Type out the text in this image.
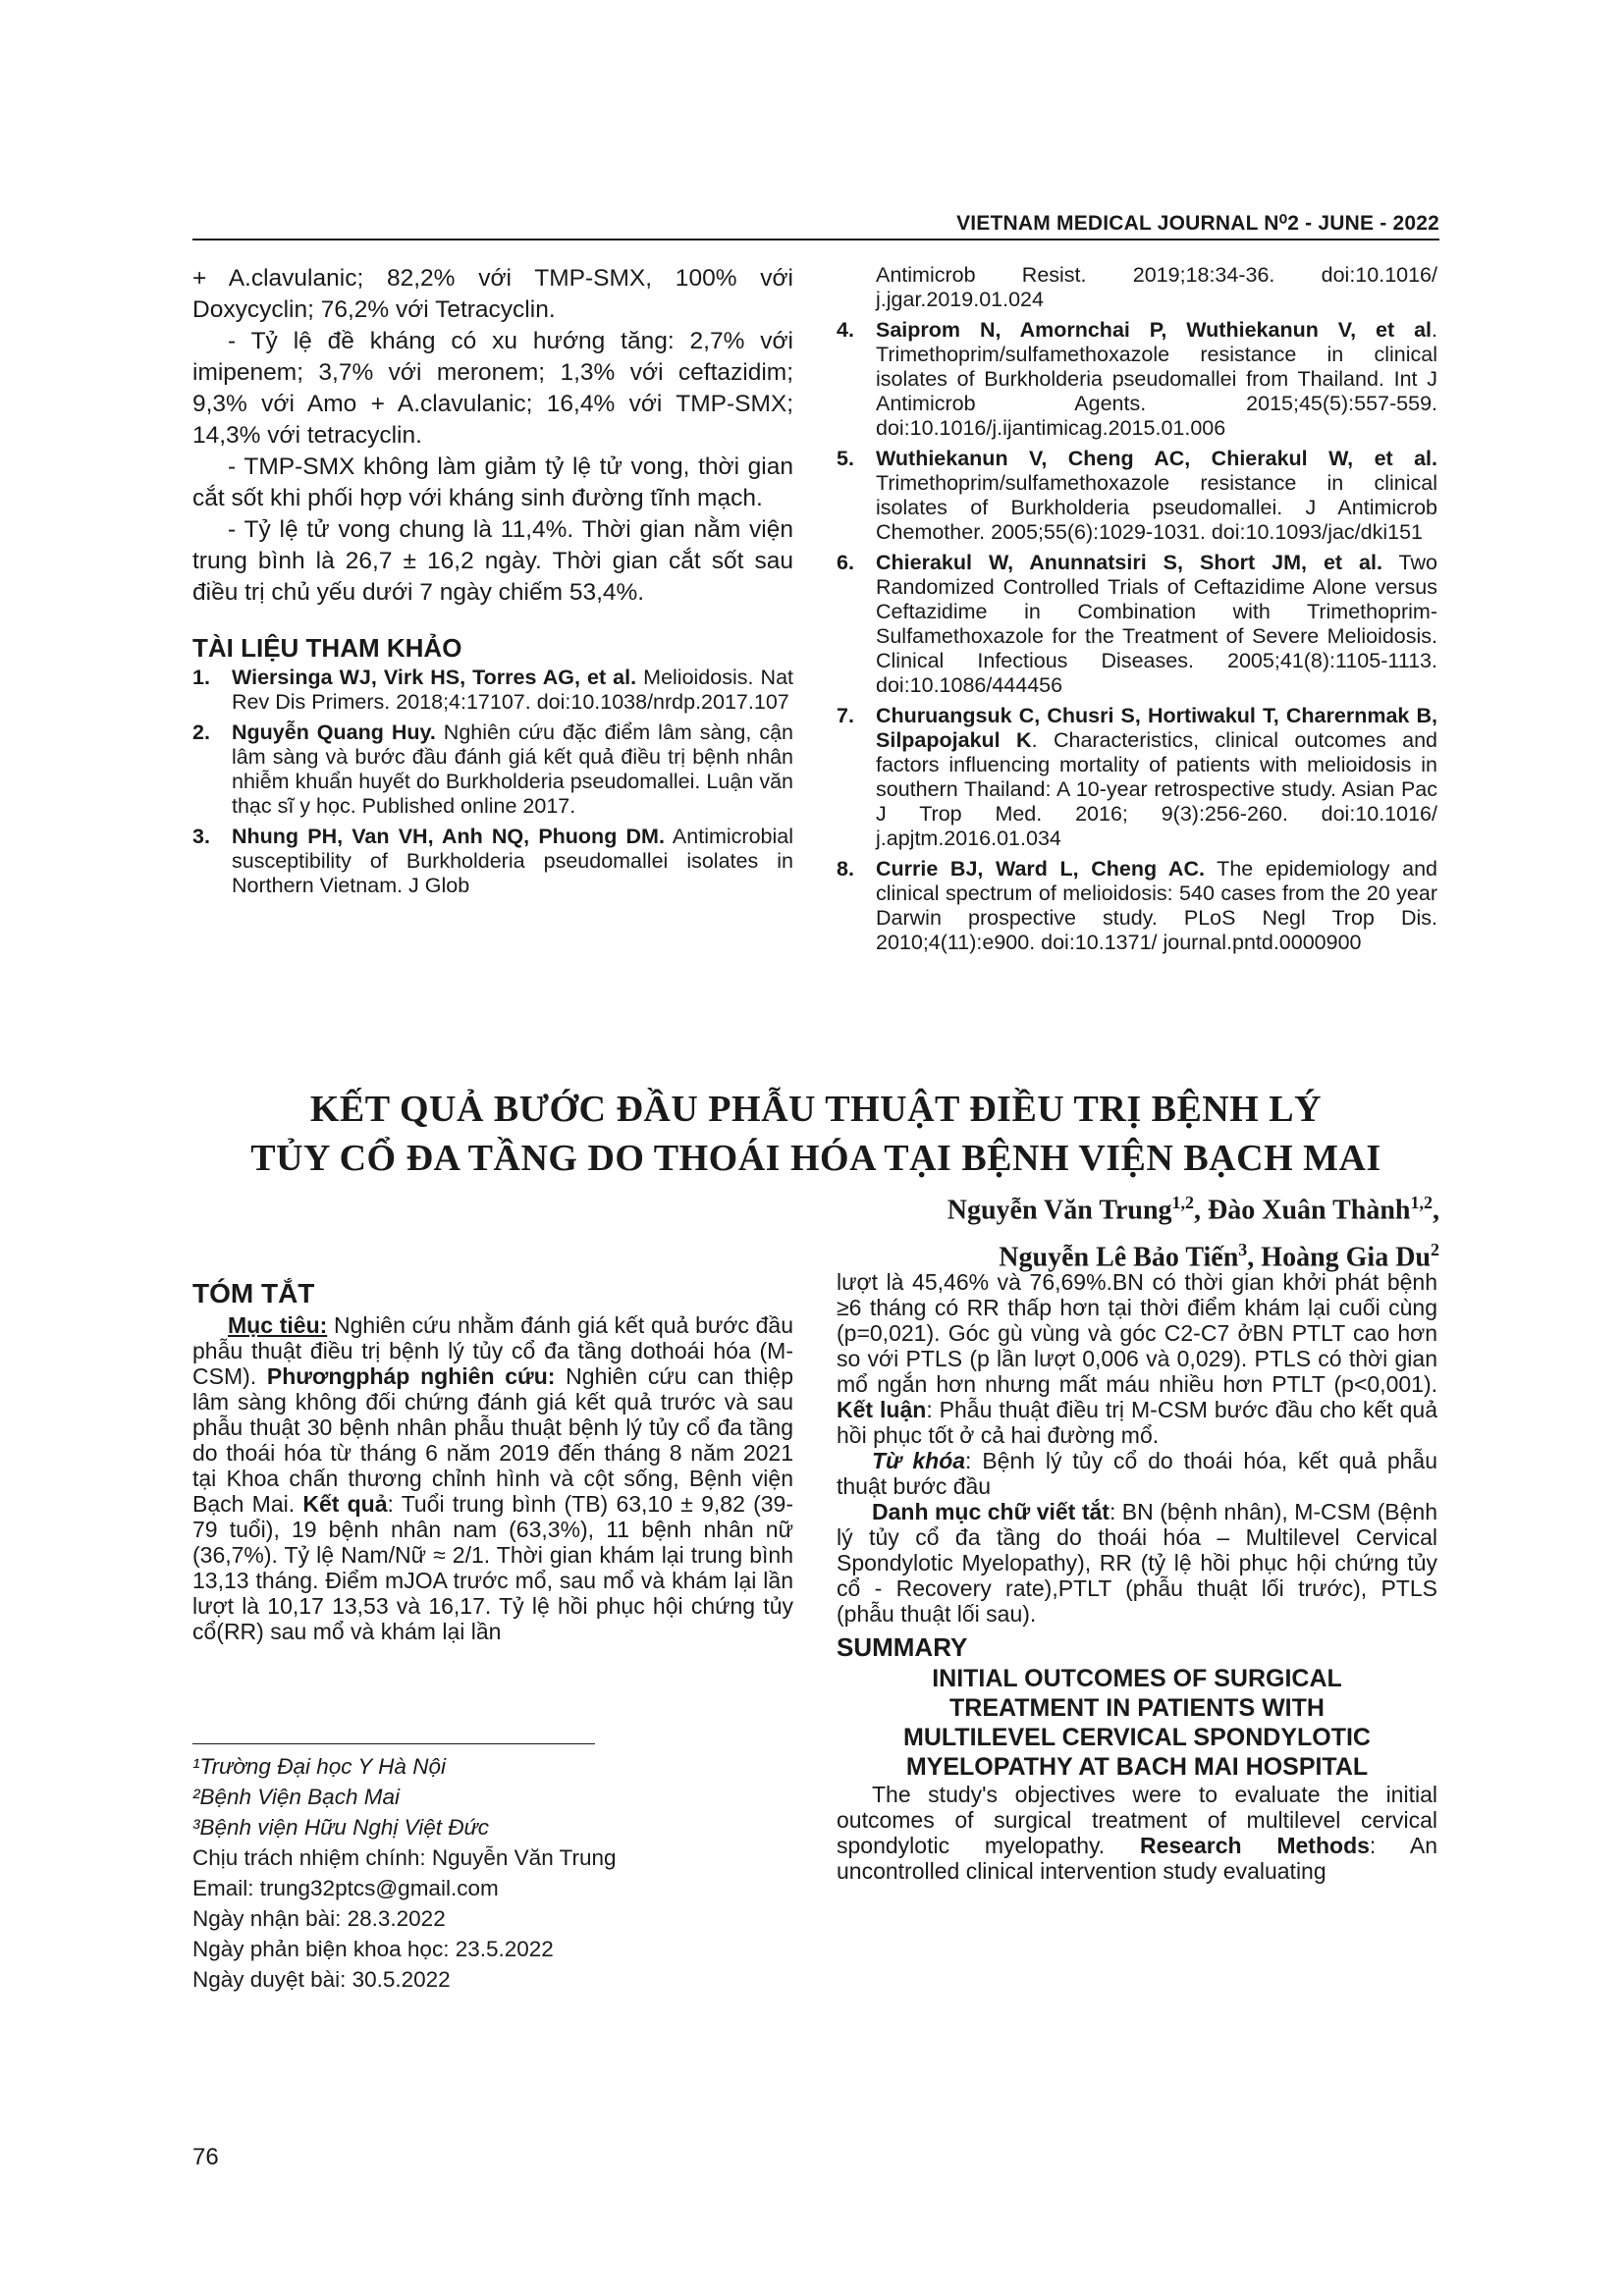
VIETNAM MEDICAL JOURNAL N⁰2 - JUNE - 2022

+ A.clavulanic; 82,2% với TMP-SMX, 100% với Doxycyclin; 76,2% với Tetracyclin.

- Tỷ lệ đề kháng có xu hướng tăng: 2,7% với imipenem; 3,7% với meronem; 1,3% với ceftazidim; 9,3% với Amo + A.clavulanic; 16,4% với TMP-SMX; 14,3% với tetracyclin.

- TMP-SMX không làm giảm tỷ lệ tử vong, thời gian cắt sốt khi phối hợp với kháng sinh đường tĩnh mạch.

- Tỷ lệ tử vong chung là 11,4%. Thời gian nằm viện trung bình là 26,7 ± 16,2 ngày. Thời gian cắt sốt sau điều trị chủ yếu dưới 7 ngày chiếm 53,4%.

TÀI LIỆU THAM KHẢO
1.	Wiersinga WJ, Virk HS, Torres AG, et al. Melioidosis. Nat Rev Dis Primers. 2018;4:17107. doi:10.1038/nrdp.2017.107
2.	Nguyễn Quang Huy. Nghiên cứu đặc điểm lâm sàng, cận lâm sàng và bước đầu đánh giá kết quả điều trị bệnh nhân nhiễm khuẩn huyết do Burkholderia pseudomallei. Luận văn thạc sĩ y học. Published online 2017.
3.	Nhung PH, Van VH, Anh NQ, Phuong DM. Antimicrobial susceptibility of Burkholderia pseudomallei isolates in Northern Vietnam. J Glob
Antimicrob Resist. 2019;18:34-36. doi:10.1016/ j.jgar.2019.01.024
4.	Saiprom N, Amornchai P, Wuthiekanun V, et al. Trimethoprim/sulfamethoxazole resistance in clinical isolates of Burkholderia pseudomallei from Thailand. Int J Antimicrob Agents. 2015;45(5):557-559. doi:10.1016/j.ijantimicag.2015.01.006
5.	Wuthiekanun V, Cheng AC, Chierakul W, et al. Trimethoprim/sulfamethoxazole resistance in clinical isolates of Burkholderia pseudomallei. J Antimicrob Chemother. 2005;55(6):1029-1031. doi:10.1093/jac/dki151
6.	Chierakul W, Anunnatsiri S, Short JM, et al. Two Randomized Controlled Trials of Ceftazidime Alone versus Ceftazidime in Combination with Trimethoprim-Sulfamethoxazole for the Treatment of Severe Melioidosis. Clinical Infectious Diseases. 2005;41(8):1105-1113. doi:10.1086/444456
7.	Churuangsuk C, Chusri S, Hortiwakul T, Charernmak B, Silpapojakul K. Characteristics, clinical outcomes and factors influencing mortality of patients with melioidosis in southern Thailand: A 10-year retrospective study. Asian Pac J Trop Med. 2016; 9(3):256-260. doi:10.1016/ j.apjtm.2016.01.034
8.	Currie BJ, Ward L, Cheng AC. The epidemiology and clinical spectrum of melioidosis: 540 cases from the 20 year Darwin prospective study. PLoS Negl Trop Dis. 2010;4(11):e900. doi:10.1371/ journal.pntd.0000900
KẾT QUẢ BƯỚC ĐẦU PHẪU THUẬT ĐIỀU TRỊ BỆNH LÝ
TỦY CỔ ĐA TẦNG DO THOÁI HÓA TẠI BỆNH VIỆN BẠCH MAI
Nguyễn Văn Trung$^{1,2}$, Đào Xuân Thành$^{1,2}$,
Nguyễn Lê Bảo Tiến$^3$, Hoàng Gia Du$^2$
TÓM TẮT

Mục tiêu: Nghiên cứu nhằm đánh giá kết quả bước đầu phẫu thuật điều trị bệnh lý tủy cổ đa tầng dothoái hóa (M-CSM). Phươngpháp nghiên cứu: Nghiên cứu can thiệp lâm sàng không đối chứng đánh giá kết quả trước và sau phẫu thuật 30 bệnh nhân phẫu thuật bệnh lý tủy cổ đa tầng do thoái hóa từ tháng 6 năm 2019 đến tháng 8 năm 2021 tại Khoa chấn thương chỉnh hình và cột sống, Bệnh viện Bạch Mai. Kết quả: Tuổi trung bình (TB) 63,10 ± 9,82 (39-79 tuổi), 19 bệnh nhân nam (63,3%), 11 bệnh nhân nữ (36,7%). Tỷ lệ Nam/Nữ ≈ 2/1. Thời gian khám lại trung bình 13,13 tháng. Điểm mJOA trước mổ, sau mổ và khám lại lần lượt là 10,17 13,53 và 16,17. Tỷ lệ hồi phục hội chứng tủy cổ(RR) sau mổ và khám lại lần

lượt là 45,46% và 76,69%.BN có thời gian khởi phát bệnh ≥6 tháng có RR thấp hơn tại thời điểm khám lại cuối cùng (p=0,021). Góc gù vùng và góc C2-C7 ởBN PTLT cao hơn so với PTLS (p lần lượt 0,006 và 0,029). PTLS có thời gian mổ ngắn hơn nhưng mất máu nhiều hơn PTLT (p<0,001). Kết luận: Phẫu thuật điều trị M-CSM bước đầu cho kết quả hồi phục tốt ở cả hai đường mổ.

Từ khóa: Bệnh lý tủy cổ do thoái hóa, kết quả phẫu thuật bước đầu

Danh mục chữ viết tắt: BN (bệnh nhân), M-CSM (Bệnh lý tủy cổ đa tầng do thoái hóa – Multilevel Cervical Spondylotic Myelopathy), RR (tỷ lệ hồi phục hội chứng tủy cổ - Recovery rate),PTLT (phẫu thuật lối trước), PTLS (phẫu thuật lối sau).

SUMMARY
INITIAL OUTCOMES OF SURGICAL
TREATMENT IN PATIENTS WITH
MULTILEVEL CERVICAL SPONDYLOTIC
MYELOPATHY AT BACH MAI HOSPITAL

The study's objectives were to evaluate the initial outcomes of surgical treatment of multilevel cervical spondylotic myelopathy. Research Methods: An uncontrolled clinical intervention study evaluating

¹Trường Đại học Y Hà Nội
²Bệnh Viện Bạch Mai
³Bệnh viện Hữu Nghị Việt Đức
Chịu trách nhiệm chính: Nguyễn Văn Trung
Email: trung32ptcs@gmail.com
Ngày nhận bài: 28.3.2022
Ngày phản biện khoa học: 23.5.2022
Ngày duyệt bài: 30.5.2022
76
